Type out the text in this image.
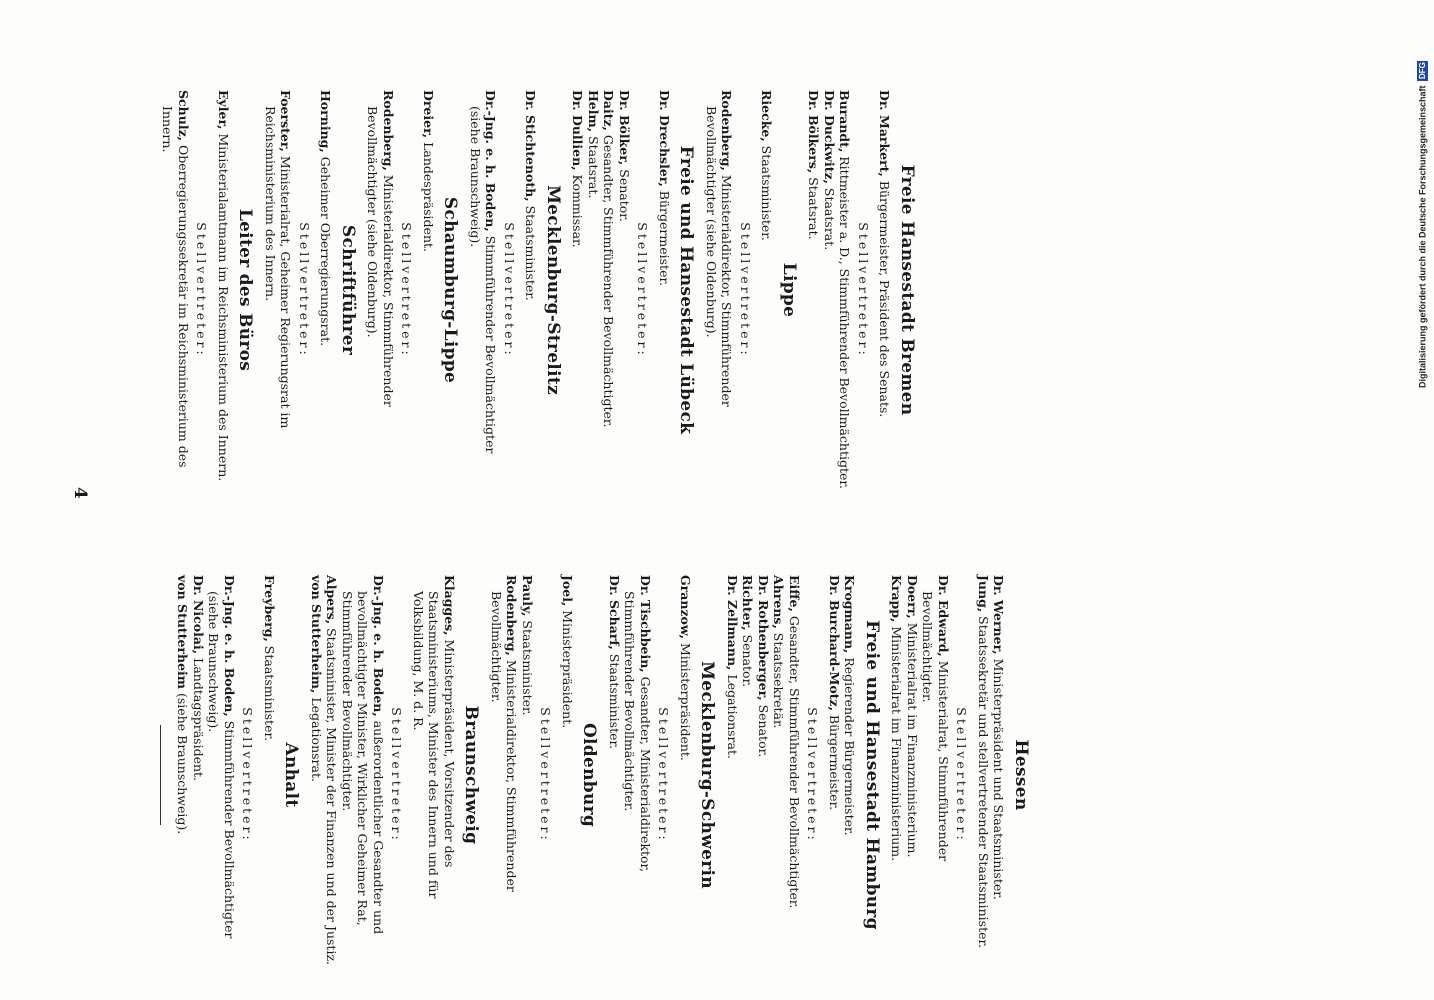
Digitalisierung gefördert durch die Deutsche Forschungsgemeinschaft
DFG
4
Hessen

Dr. Werner, Ministerpräsident und Staatsminister.

Jung, Staatssekretär und stellvertretender Staatsminister.

Stellvertreter:

Dr. Edward, Ministerialrat, Stimmführender Bevollmächtigter.

Doerr, Ministerialrat im Finanzministerium.

Krapp, Ministerialrat im Finanzministerium.

Freie und Hansestadt Hamburg

Krogmann, Regierender Bürgermeister.

Dr. Burchard-Motz, Bürgermeister.

Stellvertreter:

Eiffe, Gesandter, Stimmführender Bevollmächtigter.

Ahrens, Staatssekretär.

Dr. Rothenberger, Senator.

Richter, Senator.

Dr. Zellmann, Legationsrat.

Mecklenburg-Schwerin

Granzow, Ministerpräsident.

Stellvertreter:

Dr. Tischbein, Gesandter, Ministerialdirektor, Stimmführender Bevollmächtigter.

Dr. Scharf, Staatsminister.

Oldenburg

Joel, Ministerpräsident.

Stellvertreter:

Pauly, Staatsminister.

Rodenberg, Ministerialdirektor, Stimmführender Bevollmächtigter.

Braunschweig

Klagges, Ministerpräsident, Vorsitzender des Staatsministeriums, Minister des Innern und für Volksbildung, M. d. R.

Stellvertreter:

Dr.-Jng. e. h. Boden, außerordentlicher Gesandter und bevollmächtigter Minister, Wirklicher Geheimer Rat, Stimmführender Bevollmächtigter.

Alpers, Staatsminister, Minister der Finanzen und der Justiz.

von Stutterheim, Legationsrat.

Anhalt

Freyberg, Staatsminister.

Stellvertreter:

Dr.-Jng. e. h. Boden, Stimmführender Bevollmächtigter (siehe Braunschweig).

Dr. Nicolai, Landtagspräsident.

von Stutterheim (siehe Braunschweig).

Freie Hansestadt Bremen

Dr. Markert, Bürgermeister, Präsident des Senats.

Stellvertreter:

Burandt, Rittmeister a. D., Stimmführender Bevollmächtigter.

Dr. Duckwitz, Staatsrat.

Dr. Bölkers, Staatsrat.

Lippe

Riecke, Staatsminister.

Stellvertreter:

Rodenberg, Ministerialdirektor, Stimmführender Bevollmächtigter (siehe Oldenburg).

Freie und Hansestadt Lübeck

Dr. Drechsler, Bürgermeister.

Stellvertreter:

Dr. Bölker, Senator.

Daitz, Gesandter, Stimmführender Bevollmächtigter.

Helm, Staatsrat.

Dr. Dullien, Kommissar.

Mecklenburg-Strelitz

Dr. Stichtenoth, Staatsminister.

Stellvertreter:

Dr.-Jng. e. h. Boden, Stimmführender Bevollmächtigter (siehe Braunschweig).

Schaumburg-Lippe

Dreier, Landespräsident.

Stellvertreter:

Rodenberg, Ministerialdirektor, Stimmführender Bevollmächtigter (siehe Oldenburg).

Schriftführer

Horning, Geheimer Oberregierungsrat.

Stellvertreter:

Foerster, Ministerialrat, Geheimer Regierungsrat im Reichsministerium des Innern.

Leiter des Büros

Eyler, Ministerialamtmann im Reichsministerium des Innern.

Stellvertreter:

Schulz, Oberregierungssekretär im Reichsministerium des Innern.
